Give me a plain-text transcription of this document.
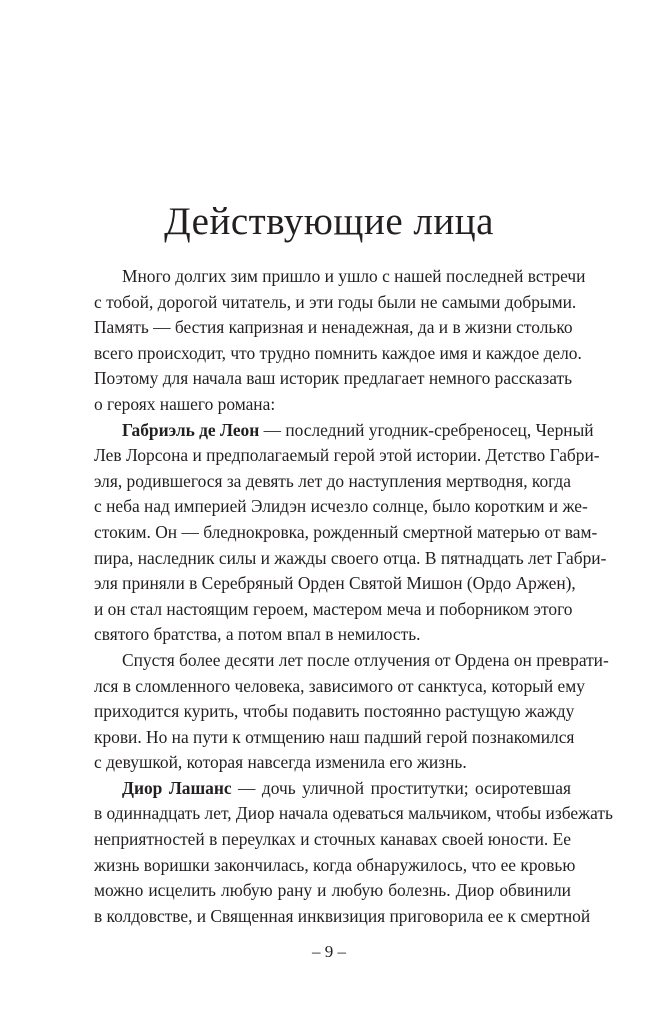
Действующие лица
Много долгих зим пришло и ушло с нашей последней встречи
с тобой, дорогой читатель, и эти годы были не самыми добрыми.
Память — бестия капризная и ненадежная, да и в жизни столько
всего происходит, что трудно помнить каждое имя и каждое дело.
Поэтому для начала ваш историк предлагает немного рассказать
о героях нашего романа:
Габриэль де Леон — последний угодник-сребреносец, Черный
Лев Лорсона и предполагаемый герой этой истории. Детство Габри-
эля, родившегося за девять лет до наступления мертводня, когда
с неба над империей Элидэн исчезло солнце, было коротким и же-
стоким. Он — бледнокровка, рожденный смертной матерью от вам-
пира, наследник силы и жажды своего отца. В пятнадцать лет Габри-
эля приняли в Серебряный Орден Святой Мишон (Ордо Аржен),
и он стал настоящим героем, мастером меча и поборником этого
святого братства, а потом впал в немилость.
Спустя более десяти лет после отлучения от Ордена он преврати-
лся в сломленного человека, зависимого от санктуса, который ему
приходится курить, чтобы подавить постоянно растущую жажду
крови. Но на пути к отмщению наш падший герой познакомился
с девушкой, которая навсегда изменила его жизнь.
Диор Лашанс — дочь уличной проститутки; осиротевшая
в одиннадцать лет, Диор начала одеваться мальчиком, чтобы избежать
неприятностей в переулках и сточных канавах своей юности. Ее
жизнь воришки закончилась, когда обнаружилось, что ее кровью
можно исцелить любую рану и любую болезнь. Диор обвинили
в колдовстве, и Священная инквизиция приговорила ее к смертной
– 9 –
